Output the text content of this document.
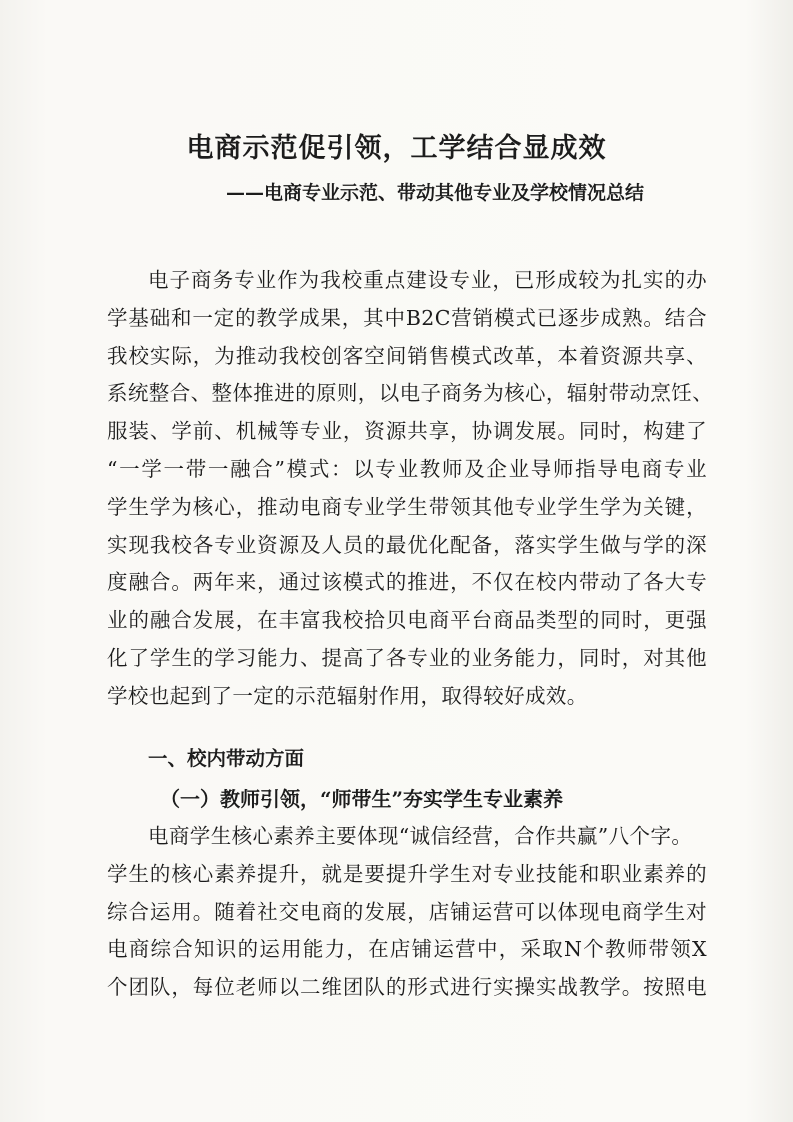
电商示范促引领，工学结合显成效
——电商专业示范、带动其他专业及学校情况总结
电子商务专业作为我校重点建设专业，已形成较为扎实的办
学基础和一定的教学成果，其中B2C营销模式已逐步成熟。结合
我校实际，为推动我校创客空间销售模式改革，本着资源共享、
系统整合、整体推进的原则，以电子商务为核心，辐射带动烹饪、
服装、学前、机械等专业，资源共享，协调发展。同时，构建了
“一学一带一融合”模式：以专业教师及企业导师指导电商专业
学生学为核心，推动电商专业学生带领其他专业学生学为关键，
实现我校各专业资源及人员的最优化配备，落实学生做与学的深
度融合。两年来，通过该模式的推进，不仅在校内带动了各大专
业的融合发展，在丰富我校拾贝电商平台商品类型的同时，更强
化了学生的学习能力、提高了各专业的业务能力，同时，对其他
学校也起到了一定的示范辐射作用，取得较好成效。
一、校内带动方面
（一）教师引领，“师带生”夯实学生专业素养
电商学生核心素养主要体现“诚信经营，合作共赢”八个字。
学生的核心素养提升，就是要提升学生对专业技能和职业素养的
综合运用。随着社交电商的发展，店铺运营可以体现电商学生对
电商综合知识的运用能力，在店铺运营中，采取N个教师带领X
个团队，每位老师以二维团队的形式进行实操实战教学。按照电
